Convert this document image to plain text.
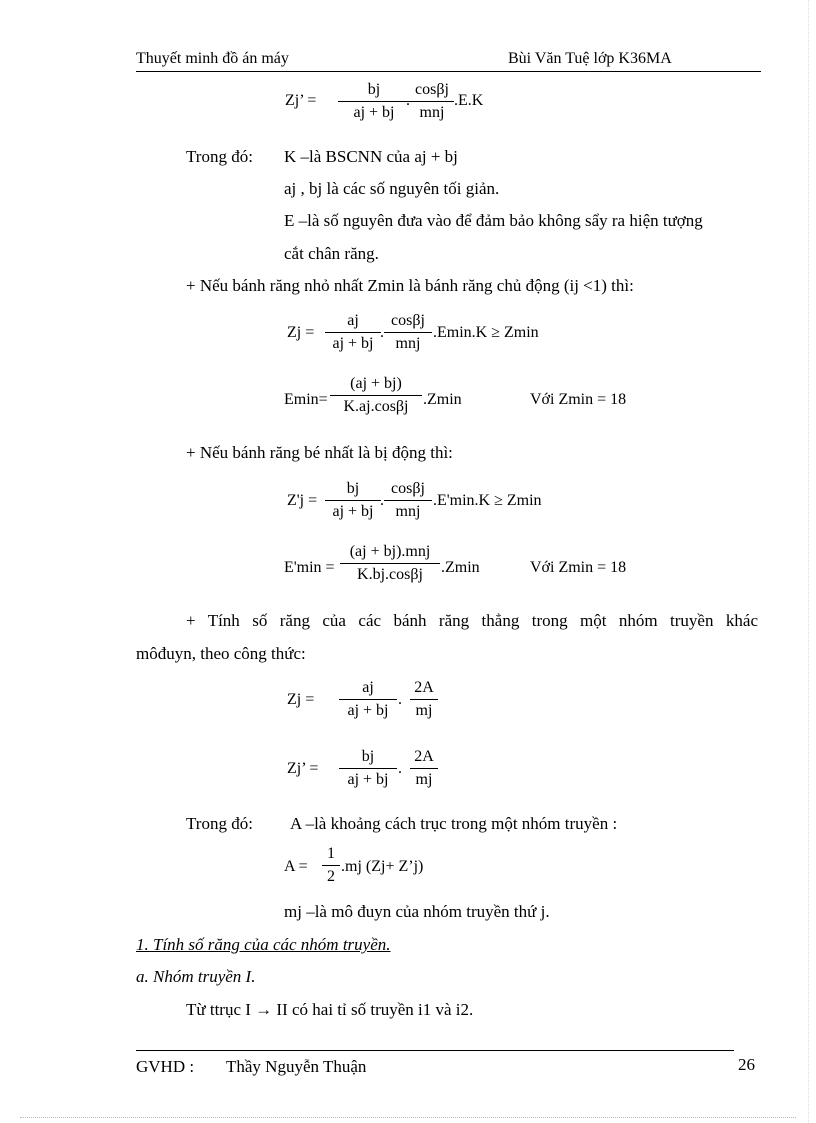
Thuyết minh đồ án máy	Bùi Văn Tuệ lớp K36MA
Zj’ =
bj
aj + bj
.
cosβj
mnj
.E.K
Trong đó: K –là BSCNN của aj + bj
aj , bj là các số nguyên tối giản.
E –là số nguyên đưa vào để đảm bảo không sẩy ra hiện tượng
cắt chân răng.
+ Nếu bánh răng nhỏ nhất Zmin là bánh răng chủ động (ij <1) thì:
Zj =
aj
aj + bj
.
cosβj
mnj
.Emin.K ≥ Zmin
Emin=
(aj + bj)
K.aj.cosβj .Zmin	Với Zmin = 18
+ Nếu bánh răng bé nhất là bị động thì:
Z'j =
bj
aj + bj
.
cosβj
mnj
.E'min.K ≥ Zmin
E'min =
(aj + bj).mnj
K.bj.cosβj	.Zmin	Với Zmin = 18
+ Tính số răng của các bánh răng thẳng trong một nhóm truyền khác
môđuyn, theo công thức:
Zj =
aj
aj + bj
.
2A
mj
Zj’ =
bj
aj + bj
.
2A
mj
Trong đó: A –là khoảng cách trục trong một nhóm truyền :
A =
1
2
.mj (Zj+ Z’j)
mj –là mô đuyn của nhóm truyền thứ j.
1. Tính số răng của các nhóm truyền.
a. Nhóm truyền I.
Từ ttrục I → II có hai tỉ số truyền i1 và i2.
GVHD : Thầy Nguyễn Thuận	26
